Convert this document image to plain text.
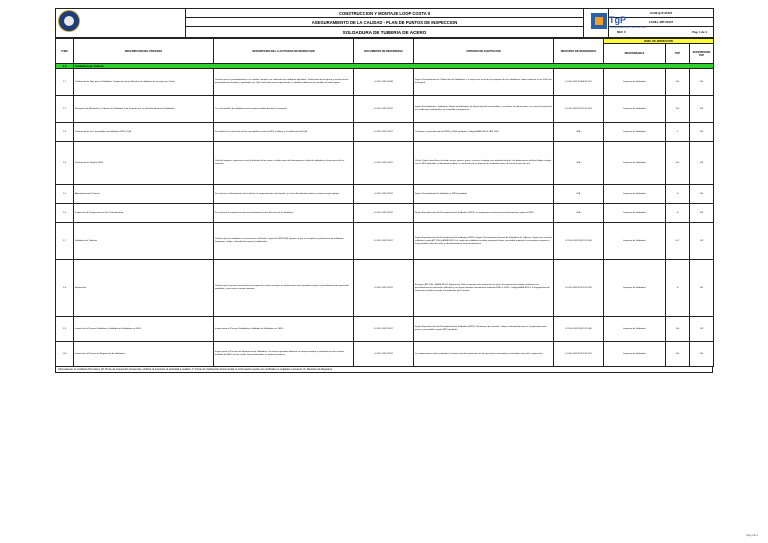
TgP
Transportadora de Gas del Perú
	CONSTRUCCION Y MONTAJE LOOP COSTA II		LCOII-Q-IT-21007
	ASEGURAMIENTO DE LA CALIDAD - PLAN DE PUNTOS DE INSPECCION		LCOII-L-WP-21007
	SOLDADURA DE TUBERIA DE ACERO		REV. 0 Pag. 1 de 1
ITEM	DESCRIPCION DEL PROCESO	DESCRIPCION DE LA ACTIVIDAD DE INSPECCION	DOCUMENTO DE REFERENCIA	CRITERIO DE ACEPTACION	REGISTRO DE REFERENCIA	NIVEL DE INSPECCION		
						RESPONSABLE	TGP	SUPERVISION TGP
1.0	Soldadura de Tuberia							
1.1	Calificación de Wps para la Soldadura / Inspección de los Metales de soldadura de ensayos por 3 años	Verificar que los procedimientos a ser usados cumplen con calificados de soldadura aplicables. Verificacion de recepcion y revision de los procedimientos firmados y aprobados por TgP como fabricacion especificada y su debida calibración de medidas de todo equipo.	LCOII-L-WP-21008	Según Procedimiento de Calificación de Soldadores. La inspección visual de los paquetes de las soldaduras, debe realizarse en un 100% de la longitud.	LCOII-L-WP-21008-FT-001	Inspector de Soldadura	V,H	V,R
1.2	Recepción de Materiales y Tuberías de Soldadura y de Insumos que se utilizarán durante la Soldadura	Los consumibles de soldadura serán inspeccionados durante la recepción.	LCOII-L-WP-21007	Según Procedimiento - Soldadura: Según metodologías de almacenaje del consumibles, y visualizar las dimensiones, así como el registro de las condiciones ambientales de humedad y temperatura.	LCOII-L-WP-21007-FT-003	Inspector de Soldadura	V,H	V,R
1.3	Verificación de los Consumibles de Soldadura WPS, PQR	Se realizará la verificación de los consumibles contra el WPS a utilizar, y la calibración de PQR.	LCOII-L-WP-21007	Conforme a especificación del WPS y PQR aprobado, Código ASME B31.8 / API 1104.	N/A	Inspector de Soldadura	V	V,R
1.4	Verificación de Pipeline WPS	Verificar limpieza, inspección visual y biselado de las juntas a soldar antes del alineamiento, el tipo de soldadura y la presencia de los soportes.	LCOII-L-WP-21007	Visual: Deben estar libres de óxido, aceite, pintura, grasa, escoria y cualquier otro material extraño. Las dimensiones del bisel deben cumplir con el WPS aplicable; el alineamiento debe ser verificado por el inspector de soldadura antes de iniciar el pase de raíz.	N/A	Inspector de Soldadura	V,H	V,R
1.5	Alineamiento de Tuberías	Se verificará el alineamiento de la tubería, el espaciamiento entre bordes, y el uso del alineador interno o externo según aplique.	LCOII-L-WP-21007	Según Procedimiento de Soldadura y WPS aprobado.	N/A	Inspector de Soldadura	H	V,R
1.6	Inspección de Temperatura en Pre-Calentamiento	Se verificará la temperatura de precalentamiento antes del inicio de la soldadura.	LCOII-L-WP-21007	Según Especificación del Procedimiento de Soldadura (WPS). La temperatura mínima de precalentamiento según el WPS.	N/A	Inspector de Soldadura	H	V,R
1.7	Soldadura de Tuberías	Verificar que los soldadores se encuentren calificados según los WPS/PQR vigentes, y que se cumplan los parámetros de soldadura (amperaje, voltaje, velocidad de avance) establecidos.	LCOII-L-WP-21007	Según Especificación del Procedimiento de Soldadura (WPS). Según Procedimiento General de Soldadura de Tuberías. Inspección visual de soldadura según API 1104 y ASME B31.8: el cordón de soldadura no debe presentar fisuras, porosidad superficial, socavaduras mayores a las permitidas, falta de fusión ni desalineamiento fuera de tolerancia.	LCOII-L-WP-21007-FT-004	Inspector de Soldadura	H,V	V,R
1.8	Reparación	Verificar que las juntas rechazadas por inspección visual o ensayos no destructivos sean reparadas según el procedimiento de reparación aprobado, y que sean re-inspeccionadas.	LCOII-L-WP-21007	Ensayos: API 1104 - ASME B31.8. Reparación: Solo se permite una reparación por junta; las reparaciones deben realizarse con procedimiento de reparación calificado y ser inspeccionadas nuevamente mediante END al 100%. Código ASME B31.8: la longitud total de reparación no debe exceder lo establecido por la norma.	LCOII-L-WP-21007-FT-005	Inspector de Soldadura	H	V,R
1.9	Inspección al Proceso Soldadura y Soldadas de Soldadura en 100%	Inspeccionar el Proceso Soldadura y Soldadas de Soldadura en 100%.	LCOII-L-WP-21007	Según Especificación del Procedimiento de Soldadura (WPS). Parámetros de corriente, voltaje, velocidad de avance, temperatura entre pases y consumibles según WPS aprobado.	LCOII-L-WP-21007-FT-006	Inspector de Soldadura	V,H	V,R
1.10	Inspección al Proceso de Reparación de Soldadura	Inspeccionar el Proceso de Reparación de Soldadura. Las zonas reparadas deberán ser inspeccionadas y evaluadas por los mismos métodos de END con los cuales fueron detectadas en primera instancia.	LCOII-L-WP-21007	Las reparaciones serán evaluadas al mismo nivel de aceptación con los que fueron rechazados y evaluadas antes de la reparación.	LCOII-L-WP-21007-FT-007	Inspector de Soldadura	V,H	V,R
Abreviaturas: H: Auditoría Permisiva; W: Punto de inspección presencial, notificar al Inspector la actividad a realizar; V: Punto de Verificación Documental, la información puede ser verificada en cualquier momento; R: Revisión de Registros.
Pag 1 de 1
